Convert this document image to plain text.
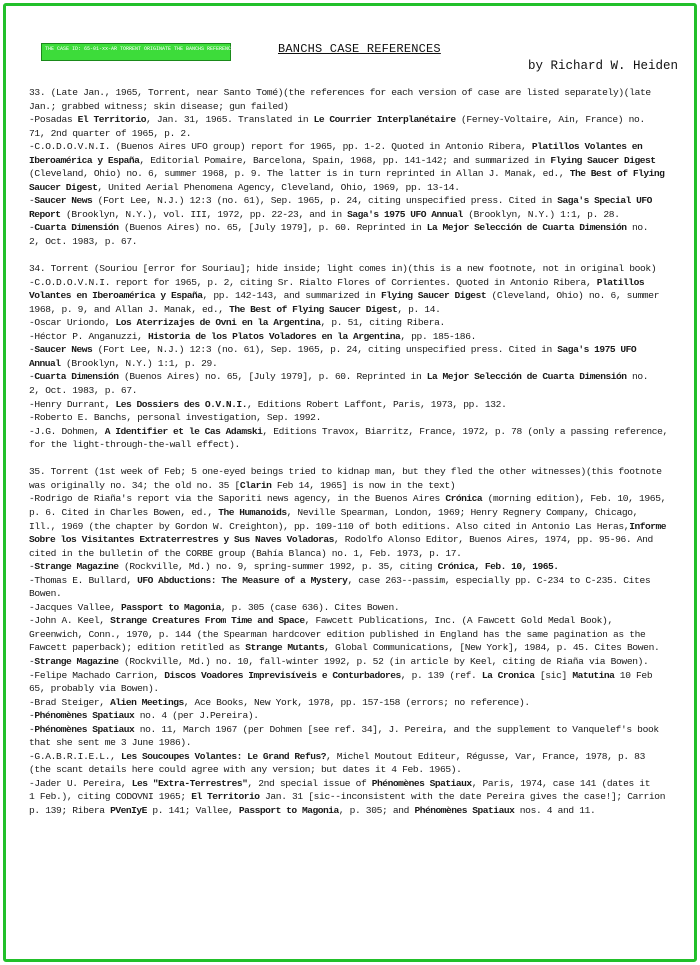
THE CASE ID: 65-01-xx-AR TORRENT ORIGINATE THE BANCHS REFERENCE N°1 ID: 000000000 000-000
BANCHS CASE REFERENCES
by Richard W. Heiden
33. (Late Jan., 1965, Torrent, near Santo Tomé)(the references for each version of case are listed separately)(late
Jan.; grabbed witness; skin disease; gun failed)
-Posadas El Territorio, Jan. 31, 1965. Translated in Le Courrier Interplanétaire (Ferney-Voltaire, Ain, France) no.
71, 2nd quarter of 1965, p. 2.
-C.O.D.O.V.N.I. (Buenos Aires UFO group) report for 1965, pp. 1-2. Quoted in Antonio Ribera, Platillos Volantes en
Iberoamérica y España, Editorial Pomaire, Barcelona, Spain, 1968, pp. 141-142; and summarized in Flying Saucer Digest
(Cleveland, Ohio) no. 6, summer 1968, p. 9. The latter is in turn reprinted in Allan J. Manak, ed., The Best of Flying
Saucer Digest, United Aerial Phenomena Agency, Cleveland, Ohio, 1969, pp. 13-14.
-Saucer News (Fort Lee, N.J.) 12:3 (no. 61), Sep. 1965, p. 24, citing unspecified press. Cited in Saga's Special UFO
Report (Brooklyn, N.Y.), vol. III, 1972, pp. 22-23, and in Saga's 1975 UFO Annual (Brooklyn, N.Y.) 1:1, p. 28.
-Cuarta Dimensión (Buenos Aires) no. 65, [July 1979], p. 60. Reprinted in La Mejor Selección de Cuarta Dimensión no.
2, Oct. 1983, p. 67.
34. Torrent (Souriou [error for Souriau]; hide inside; light comes in)(this is a new footnote, not in original book)
-C.O.D.O.V.N.I. report for 1965, p. 2, citing Sr. Rialto Flores of Corrientes. Quoted in Antonio Ribera, Platillos
Volantes en Iberoamérica y España, pp. 142-143, and summarized in Flying Saucer Digest (Cleveland, Ohio) no. 6, summer
1968, p. 9, and Allan J. Manak, ed., The Best of Flying Saucer Digest, p. 14.
-Oscar Uriondo, Los Aterrizajes de Ovni en la Argentina, p. 51, citing Ribera.
-Héctor P. Anganuzzi, Historia de los Platos Voladores en la Argentina, pp. 185-186.
-Saucer News (Fort Lee, N.J.) 12:3 (no. 61), Sep. 1965, p. 24, citing unspecified press. Cited in Saga's 1975 UFO
Annual (Brooklyn, N.Y.) 1:1, p. 29.
-Cuarta Dimensión (Buenos Aires) no. 65, [July 1979], p. 60. Reprinted in La Mejor Selección de Cuarta Dimensión no.
2, Oct. 1983, p. 67.
-Henry Durrant, Les Dossiers des O.V.N.I., Editions Robert Laffont, Paris, 1973, pp. 132.
-Roberto E. Banchs, personal investigation, Sep. 1992.
-J.G. Dohmen, A Identifier et le Cas Adamski, Editions Travox, Biarritz, France, 1972, p. 78 (only a passing reference,
for the light-through-the-wall effect).
35. Torrent (1st week of Feb; 5 one-eyed beings tried to kidnap man, but they fled the other witnesses)(this footnote
was originally no. 34; the old no. 35 [Clarin Feb 14, 1965] is now in the text)
-Rodrigo de Riaña's report via the Saporiti news agency, in the Buenos Aires Crónica (morning edition), Feb. 10, 1965,
p. 6. Cited in Charles Bowen, ed., The Humanoids, Neville Spearman, London, 1969; Henry Regnery Company, Chicago,
Ill., 1969 (the chapter by Gordon W. Creighton), pp. 109-110 of both editions. Also cited in Antonio Las Heras,Informe
Sobre los Visitantes Extraterrestres y Sus Naves Voladoras, Rodolfo Alonso Editor, Buenos Aires, 1974, pp. 95-96. And
cited in the bulletin of the CORBE group (Bahía Blanca) no. 1, Feb. 1973, p. 17.
-Strange Magazine (Rockville, Md.) no. 9, spring-summer 1992, p. 35, citing Crónica, Feb. 10, 1965.
-Thomas E. Bullard, UFO Abductions: The Measure of a Mystery, case 263--passim, especially pp. C-234 to C-235. Cites
Bowen.
-Jacques Vallee, Passport to Magonia, p. 305 (case 636). Cites Bowen.
-John A. Keel, Strange Creatures From Time and Space, Fawcett Publications, Inc. (A Fawcett Gold Medal Book),
Greenwich, Conn., 1970, p. 144 (the Spearman hardcover edition published in England has the same pagination as the
Fawcett paperback); edition retitled as Strange Mutants, Global Communications, [New York], 1984, p. 45. Cites Bowen.
-Strange Magazine (Rockville, Md.) no. 10, fall-winter 1992, p. 52 (in article by Keel, citing de Riaña via Bowen).
-Felipe Machado Carrion, Discos Voadores Imprevisíveis e Conturbadores, p. 139 (ref. La Cronica [sic] Matutina 10 Feb
65, probably via Bowen).
-Brad Steiger, Alien Meetings, Ace Books, New York, 1978, pp. 157-158 (errors; no reference).
-Phénomènes Spatiaux no. 4 (per J.Pereira).
-Phénomènes Spatiaux no. 11, March 1967 (per Dohmen [see ref. 34], J. Pereira, and the supplement to Vanquelef's book
that she sent me 3 June 1986).
-G.A.B.R.I.E.L., Les Soucoupes Volantes: Le Grand Refus?, Michel Moutout Editeur, Régusse, Var, France, 1978, p. 83
(the scant details here could agree with any version; but dates it 4 Feb. 1965).
-Jader U. Pereira, Les "Extra-Terrestres", 2nd special issue of Phénomènes Spatiaux, Paris, 1974, case 141 (dates it
1 Feb.), citing CODOVNI 1965; El Territorio Jan. 31 [sic--inconsistent with the date Pereira gives the case!]; Carrion
p. 139; Ribera PVenIyE p. 141; Vallee, Passport to Magonia, p. 305; and Phénomènes Spatiaux nos. 4 and 11.
